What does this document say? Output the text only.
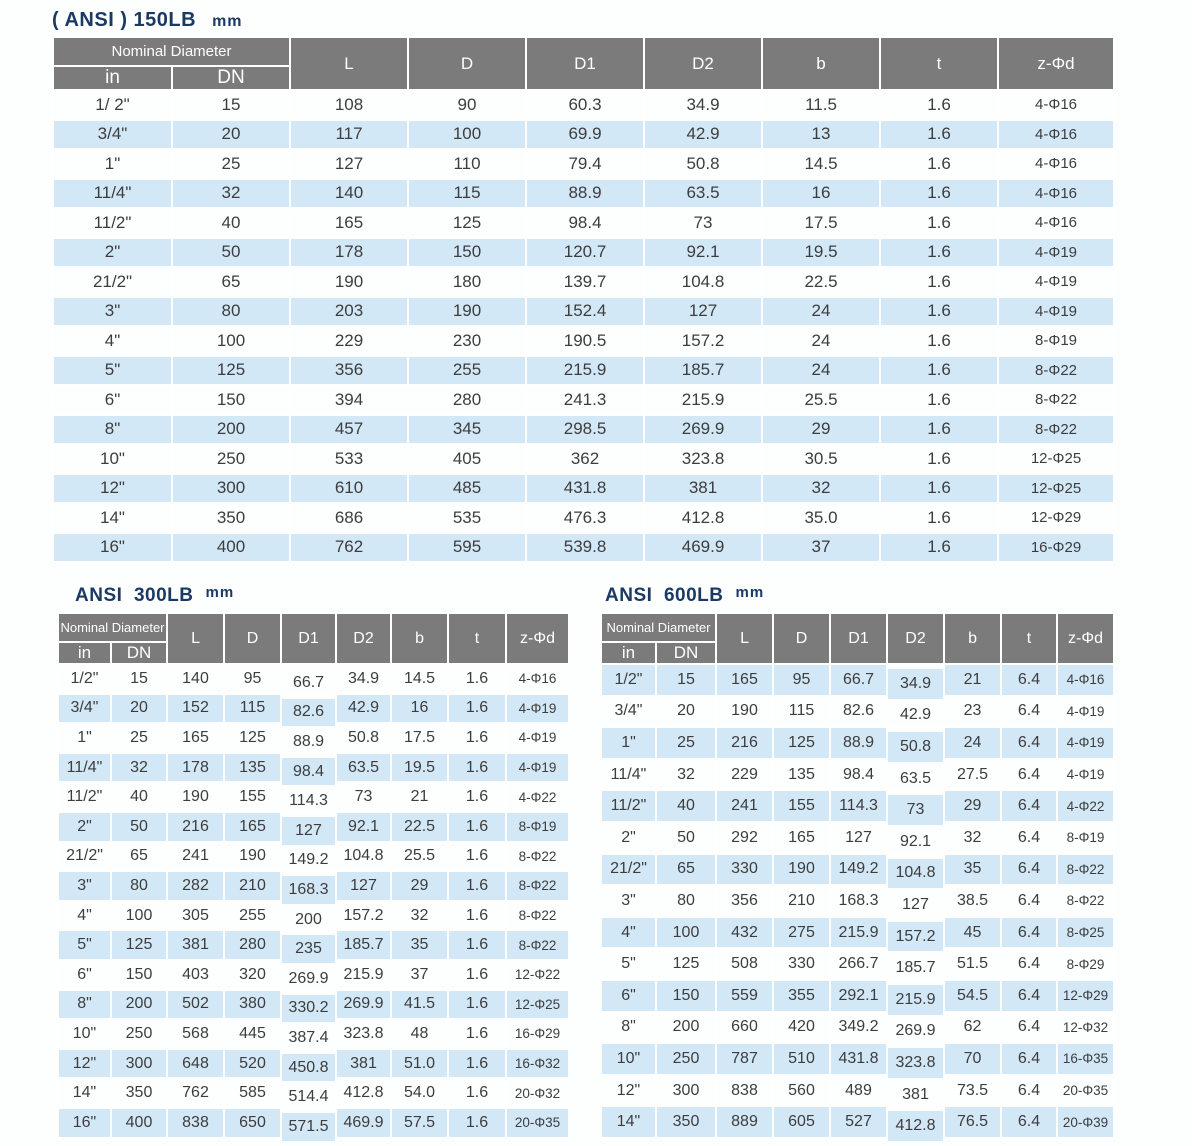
( ANSI ) 150LB mm
Nominal Diameter		L	D	D1	D2	b	t	z-Φd
in	DN							
1/ 2"	15	108	90	60.3	34.9	11.5	1.6	4-Φ16
3/4"	20	117	100	69.9	42.9	13	1.6	4-Φ16
1"	25	127	110	79.4	50.8	14.5	1.6	4-Φ16
11/4"	32	140	115	88.9	63.5	16	1.6	4-Φ16
11/2"	40	165	125	98.4	73	17.5	1.6	4-Φ16
2"	50	178	150	120.7	92.1	19.5	1.6	4-Φ19
21/2"	65	190	180	139.7	104.8	22.5	1.6	4-Φ19
3"	80	203	190	152.4	127	24	1.6	4-Φ19
4"	100	229	230	190.5	157.2	24	1.6	8-Φ19
5"	125	356	255	215.9	185.7	24	1.6	8-Φ22
6"	150	394	280	241.3	215.9	25.5	1.6	8-Φ22
8"	200	457	345	298.5	269.9	29	1.6	8-Φ22
10"	250	533	405	362	323.8	30.5	1.6	12-Φ25
12"	300	610	485	431.8	381	32	1.6	12-Φ25
14"	350	686	535	476.3	412.8	35.0	1.6	12-Φ29
16"	400	762	595	539.8	469.9	37	1.6	16-Φ29
ANSI  300LB $^{mm}$
Nominal Diameter		L	D	D1	D2	b	t	z-Φd
in	DN							
1/2"	15	140	95	66.7	34.9	14.5	1.6	4-Φ16
3/4"	20	152	115	82.6	42.9	16	1.6	4-Φ19
1"	25	165	125	88.9	50.8	17.5	1.6	4-Φ19
11/4"	32	178	135	98.4	63.5	19.5	1.6	4-Φ19
11/2"	40	190	155	114.3	73	21	1.6	4-Φ22
2"	50	216	165	127	92.1	22.5	1.6	8-Φ19
21/2"	65	241	190	149.2	104.8	25.5	1.6	8-Φ22
3"	80	282	210	168.3	127	29	1.6	8-Φ22
4"	100	305	255	200	157.2	32	1.6	8-Φ22
5"	125	381	280	235	185.7	35	1.6	8-Φ22
6"	150	403	320	269.9	215.9	37	1.6	12-Φ22
8"	200	502	380	330.2	269.9	41.5	1.6	12-Φ25
10"	250	568	445	387.4	323.8	48	1.6	16-Φ29
12"	300	648	520	450.8	381	51.0	1.6	16-Φ32
14"	350	762	585	514.4	412.8	54.0	1.6	20-Φ32
16"	400	838	650	571.5	469.9	57.5	1.6	20-Φ35
ANSI  600LB $^{mm}$
Nominal Diameter		L	D	D1	D2	b	t	z-Φd
in	DN							
1/2"	15	165	95	66.7	34.9	21	6.4	4-Φ16
3/4"	20	190	115	82.6	42.9	23	6.4	4-Φ19
1"	25	216	125	88.9	50.8	24	6.4	4-Φ19
11/4"	32	229	135	98.4	63.5	27.5	6.4	4-Φ19
11/2"	40	241	155	114.3	73	29	6.4	4-Φ22
2"	50	292	165	127	92.1	32	6.4	8-Φ19
21/2"	65	330	190	149.2	104.8	35	6.4	8-Φ22
3"	80	356	210	168.3	127	38.5	6.4	8-Φ22
4"	100	432	275	215.9	157.2	45	6.4	8-Φ25
5"	125	508	330	266.7	185.7	51.5	6.4	8-Φ29
6"	150	559	355	292.1	215.9	54.5	6.4	12-Φ29
8"	200	660	420	349.2	269.9	62	6.4	12-Φ32
10"	250	787	510	431.8	323.8	70	6.4	16-Φ35
12"	300	838	560	489	381	73.5	6.4	20-Φ35
14"	350	889	605	527	412.8	76.5	6.4	20-Φ39
